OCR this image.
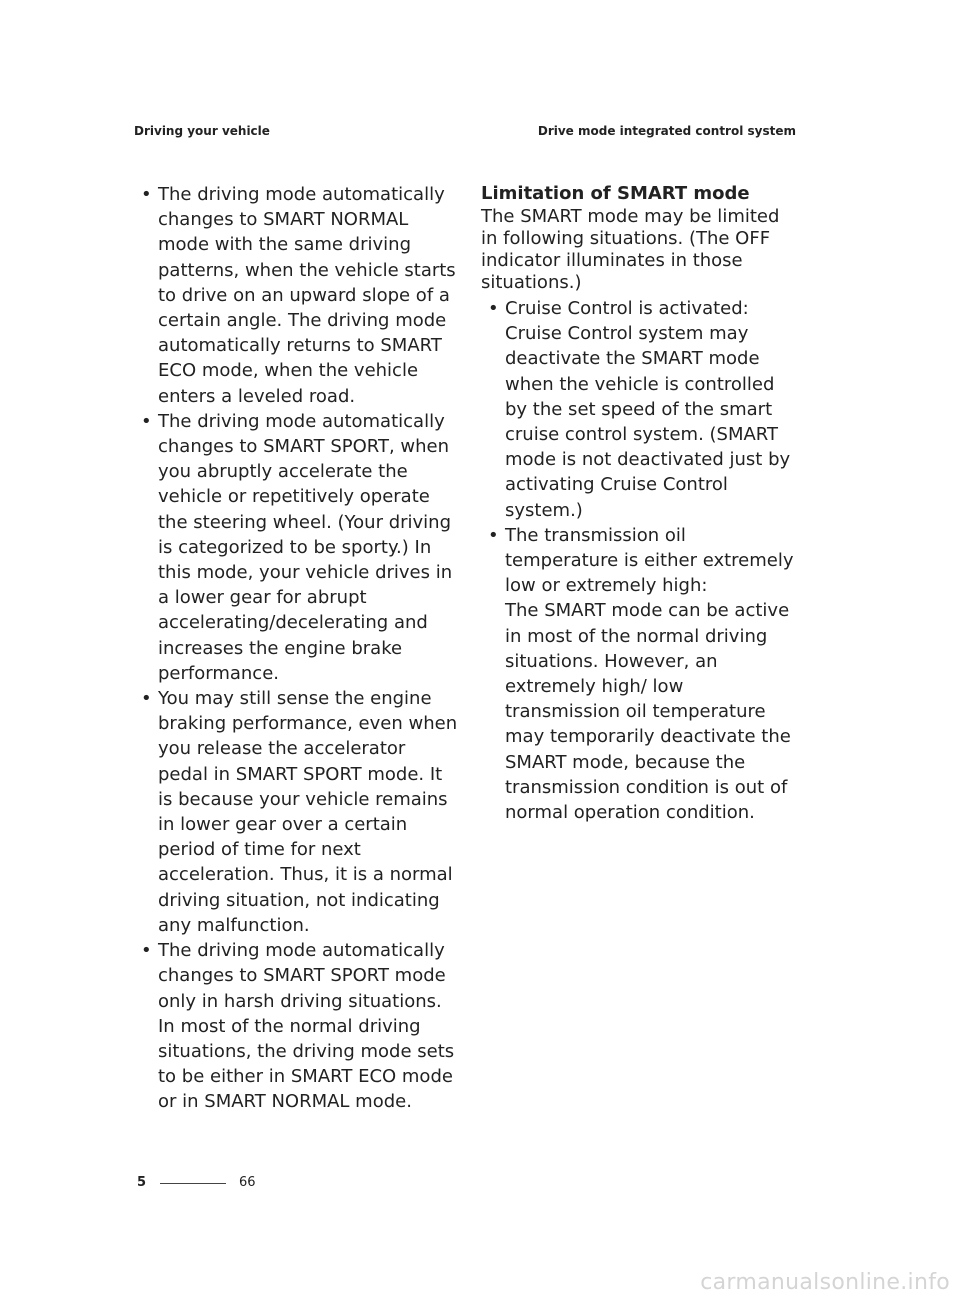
Driving your vehicle	Drive mode integrated control system
• The driving mode automatically changes to SMART NORMAL mode with the same driving patterns, when the vehicle starts to drive on an upward slope of a certain angle. The driving mode automatically returns to SMART ECO mode, when the vehicle enters a leveled road.
• The driving mode automatically changes to SMART SPORT, when you abruptly accelerate the vehicle or repetitively operate the steering wheel. (Your driving is categorized to be sporty.) In this mode, your vehicle drives in a lower gear for abrupt accelerating/decelerating and increases the engine brake performance.
• You may still sense the engine braking performance, even when you release the accelerator pedal in SMART SPORT mode. It is because your vehicle remains in lower gear over a certain period of time for next acceleration. Thus, it is a normal driving situation, not indicating any malfunction.
• The driving mode automatically changes to SMART SPORT mode only in harsh driving situations. In most of the normal driving situations, the driving mode sets to be either in SMART ECO mode or in SMART NORMAL mode.
Limitation of SMART mode

The SMART mode may be limited in following situations. (The OFF indicator illuminates in those situations.)

• Cruise Control is activated:
Cruise Control system may deactivate the SMART mode when the vehicle is controlled by the set speed of the smart cruise control system. (SMART mode is not deactivated just by activating Cruise Control system.)
• The transmission oil temperature is either extremely low or extremely high:
The SMART mode can be active in most of the normal driving situations. However, an extremely high/ low transmission oil temperature may temporarily deactivate the SMART mode, because the transmission condition is out of normal operation condition.
5	66
carmanualsonline.info
